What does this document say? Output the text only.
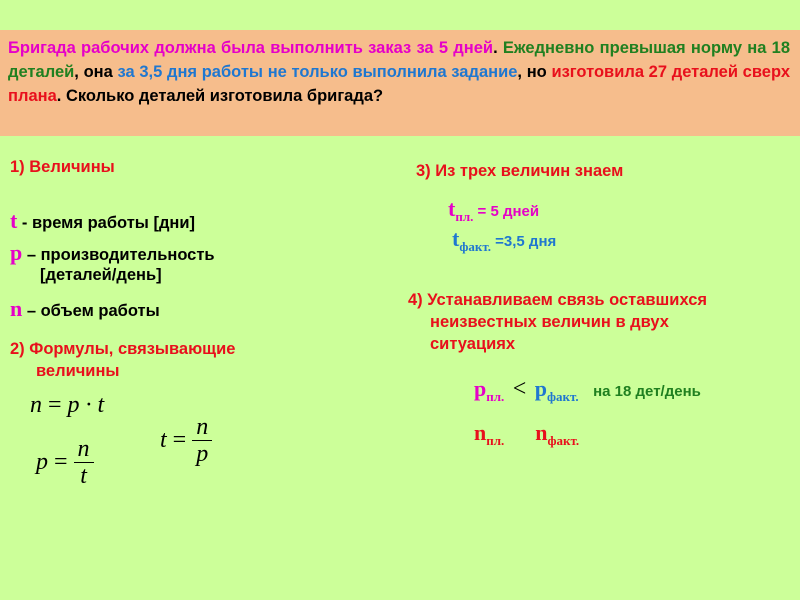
Бригада рабочих должна была выполнить заказ за 5 дней. Ежедневно превышая норму на 18 деталей, она за 3,5 дня работы не только выполнила задание, но изготовила 27 деталей сверх плана. Сколько деталей изготовила бригада?
1) Величины
t - время работы [дни]
p – производительность
[деталей/день]
n – объем работы
2) Формулы, связывающие
величины
n = p · t
$p = \frac{n}{t}$	$t = \frac{n}{p}$
3) Из трех величин знаем
tпл. = 5 дней
tфакт. =3,5 дня
4) Устанавливаем связь оставшихся
неизвестных величин в двух
ситуациях
$p_{пл.} < p_{факт.}$ на 18 дет/день
$n_{пл.}$ $n_{факт.}$
